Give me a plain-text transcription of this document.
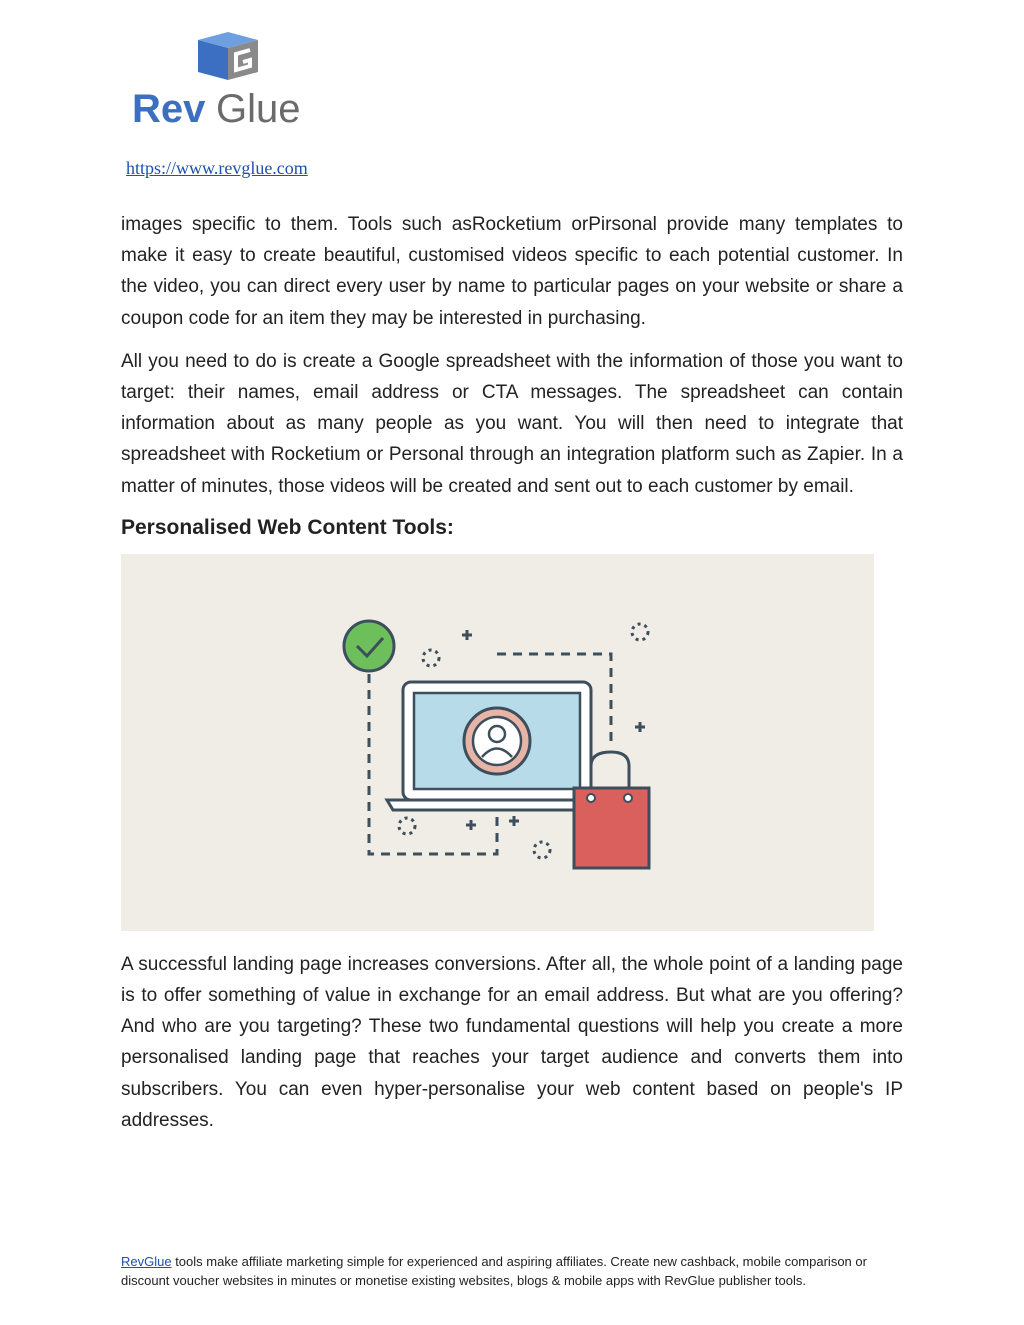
Rev Glue
https://www.revglue.com

images specific to them. Tools such asRocketium orPirsonal provide many templates to make it easy to create beautiful, customised videos specific to each potential customer. In the video, you can direct every user by name to particular pages on your website or share a coupon code for an item they may be interested in purchasing.

All you need to do is create a Google spreadsheet with the information of those you want to target: their names, email address or CTA messages. The spreadsheet can contain information about as many people as you want. You will then need to integrate that spreadsheet with Rocketium or Personal through an integration platform such as Zapier. In a matter of minutes, those videos will be created and sent out to each customer by email.

Personalised Web Content Tools:

A successful landing page increases conversions. After all, the whole point of a landing page is to offer something of value in exchange for an email address. But what are you offering? And who are you targeting? These two fundamental questions will help you create a more personalised landing page that reaches your target audience and converts them into subscribers. You can even hyper-personalise your web content based on people's IP addresses.

RevGlue tools make affiliate marketing simple for experienced and aspiring affiliates. Create new cashback, mobile comparison or discount voucher websites in minutes or monetise existing websites, blogs & mobile apps with RevGlue publisher tools.
